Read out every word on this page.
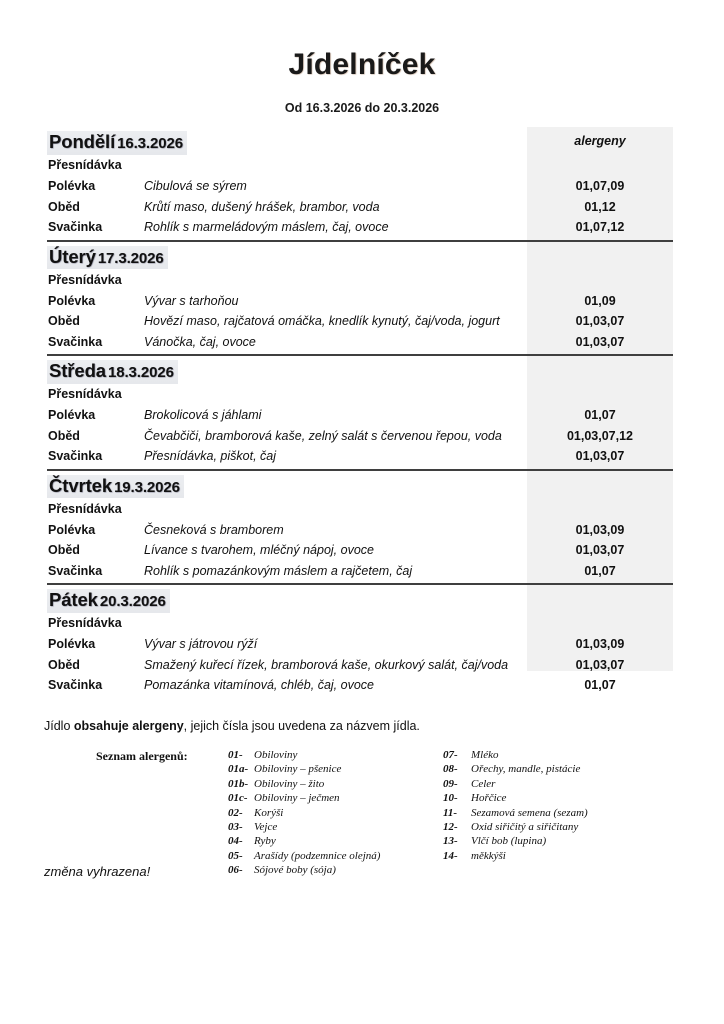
Jídelníček
Od 16.3.2026 do 20.3.2026
Pondělí 16.3.2026	alergeny
Přesnídávka
Polévka	Cibulová se sýrem	01,07,09
Oběd	Krůtí maso, dušený hrášek, brambor, voda	01,12
Svačinka	Rohlík s marmeládovým máslem, čaj, ovoce	01,07,12
Úterý 17.3.2026
Přesnídávka
Polévka	Vývar s tarhoňou	01,09
Oběd	Hovězí maso, rajčatová omáčka, knedlík kynutý, čaj/voda, jogurt	01,03,07
Svačinka	Vánočka, čaj, ovoce	01,03,07
Středa 18.3.2026
Přesnídávka
Polévka	Brokolicová s jáhlami	01,07
Oběd	Čevabčiči, bramborová kaše, zelný salát s červenou řepou, voda	01,03,07,12
Svačinka	Přesnídávka, piškot, čaj	01,03,07
Čtvrtek 19.3.2026
Přesnídávka
Polévka	Česneková s bramborem	01,03,09
Oběd	Lívance s tvarohem, mléčný nápoj, ovoce	01,03,07
Svačinka	Rohlík s pomazánkovým máslem a rajčetem, čaj	01,07
Pátek 20.3.2026
Přesnídávka
Polévka	Vývar s játrovou rýží	01,03,09
Oběd	Smažený kuřecí řízek, bramborová kaše, okurkový salát, čaj/voda	01,03,07
Svačinka	Pomazánka vitamínová, chléb, čaj, ovoce	01,07
Jídlo obsahuje alergeny, jejich čísla jsou uvedena za názvem jídla.
Seznam alergenů:	01- Obiloviny
01a- Obiloviny – pšenice
01b- Obiloviny – žito
01c- Obiloviny – ječmen
02- Korýši
03- Vejce
04- Ryby
05- Arašídy (podzemnice olejná)
06- Sójové boby (sója)
07- Mléko
08- Ořechy, mandle, pistácie
09- Celer
10- Hořčice
11- Sezamová semena (sezam)
12- Oxid siřičitý a siřičitany
13- Vlčí bob (lupina)
14- měkkýši
změna vyhrazena!
